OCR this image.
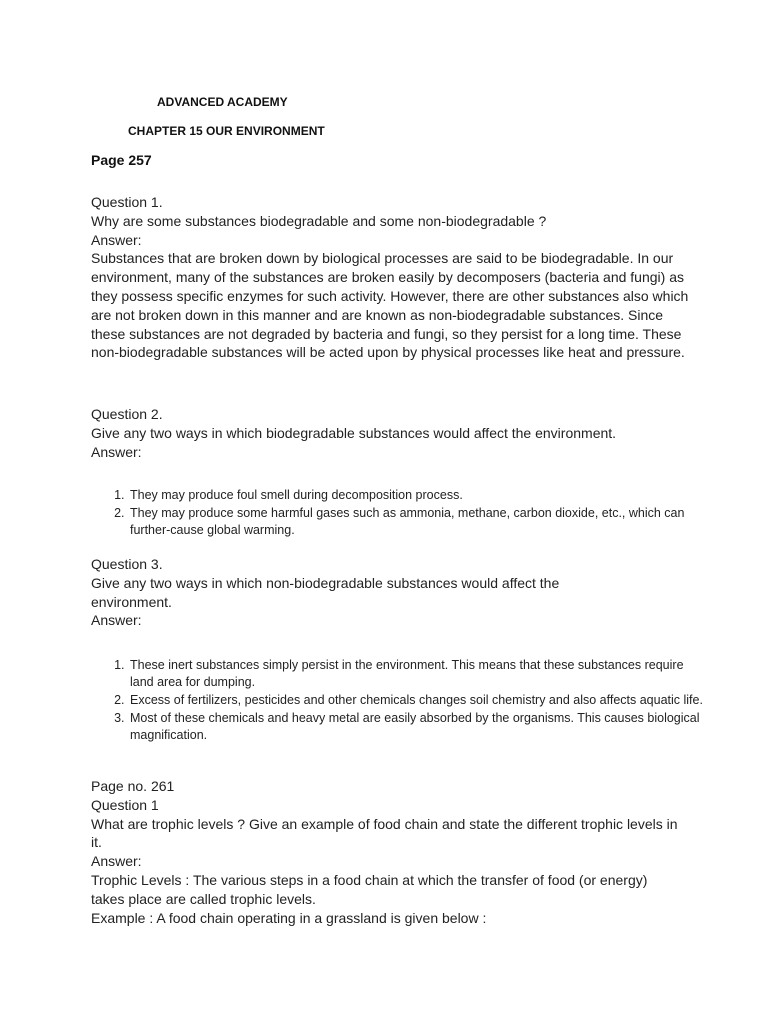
ADVANCED ACADEMY
CHAPTER 15 OUR ENVIRONMENT
Page 257

Question 1.

Why are some substances biodegradable and some non-biodegradable ?

Answer:

Substances that are broken down by biological processes are said to be biodegradable. In our environment, many of the substances are broken easily by decomposers (bacteria and fungi) as they possess specific enzymes for such activity. However, there are other substances also which are not broken down in this manner and are known as non-biodegradable substances. Since these substances are not degraded by bacteria and fungi, so they persist for a long time. These non-biodegradable substances will be acted upon by physical processes like heat and pressure.

Question 2.

Give any two ways in which biodegradable substances would affect the environment.

Answer:

1. They may produce foul smell during decomposition process.
2. They may produce some harmful gases such as ammonia, methane, carbon dioxide, etc., which can further-cause global warming.

Question 3.

Give any two ways in which non-biodegradable substances would affect the environment.

Answer:

1. These inert substances simply persist in the environment. This means that these substances require land area for dumping.
2. Excess of fertilizers, pesticides and other chemicals changes soil chemistry and also affects aquatic life.
3. Most of these chemicals and heavy metal are easily absorbed by the organisms. This causes biological magnification.

Page no. 261

Question 1

What are trophic levels ? Give an example of food chain and state the different trophic levels in it.

Answer:

Trophic Levels : The various steps in a food chain at which the transfer of food (or energy) takes place are called trophic levels.

Example : A food chain operating in a grassland is given below :
